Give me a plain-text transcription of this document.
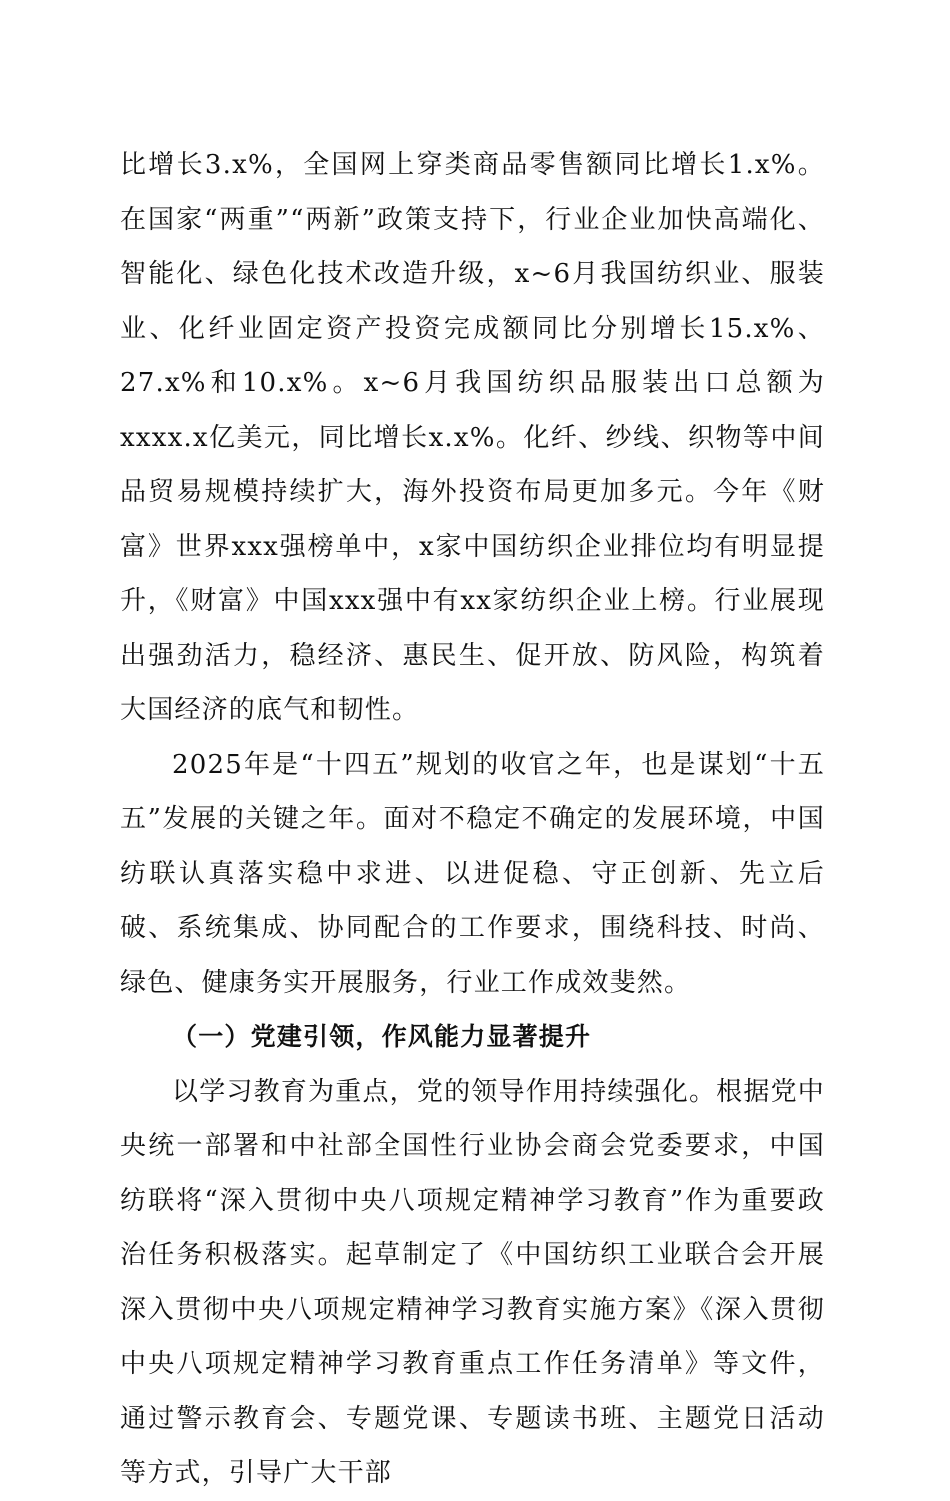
比增长3.x%，全国网上穿类商品零售额同比增长1.x%。在国家“两重”“两新”政策支持下，行业企业加快高端化、智能化、绿色化技术改造升级，x~6月我国纺织业、服装业、化纤业固定资产投资完成额同比分别增长15.x%、27.x%和10.x%。x~6月我国纺织品服装出口总额为xxxx.x亿美元，同比增长x.x%。化纤、纱线、织物等中间品贸易规模持续扩大，海外投资布局更加多元。今年《财富》世界xxx强榜单中，x家中国纺织企业排位均有明显提升，《财富》中国xxx强中有xx家纺织企业上榜。行业展现出强劲活力，稳经济、惠民生、促开放、防风险，构筑着大国经济的底气和韧性。

2025年是“十四五”规划的收官之年，也是谋划“十五五”发展的关键之年。面对不稳定不确定的发展环境，中国纺联认真落实稳中求进、以进促稳、守正创新、先立后破、系统集成、协同配合的工作要求，围绕科技、时尚、绿色、健康务实开展服务，行业工作成效斐然。

（一）党建引领，作风能力显著提升

以学习教育为重点，党的领导作用持续强化。根据党中央统一部署和中社部全国性行业协会商会党委要求，中国纺联将“深入贯彻中央八项规定精神学习教育”作为重要政治任务积极落实。起草制定了《中国纺织工业联合会开展深入贯彻中央八项规定精神学习教育实施方案》《深入贯彻中央八项规定精神学习教育重点工作任务清单》等文件，通过警示教育会、专题党课、专题读书班、主题党日活动等方式，引导广大干部
